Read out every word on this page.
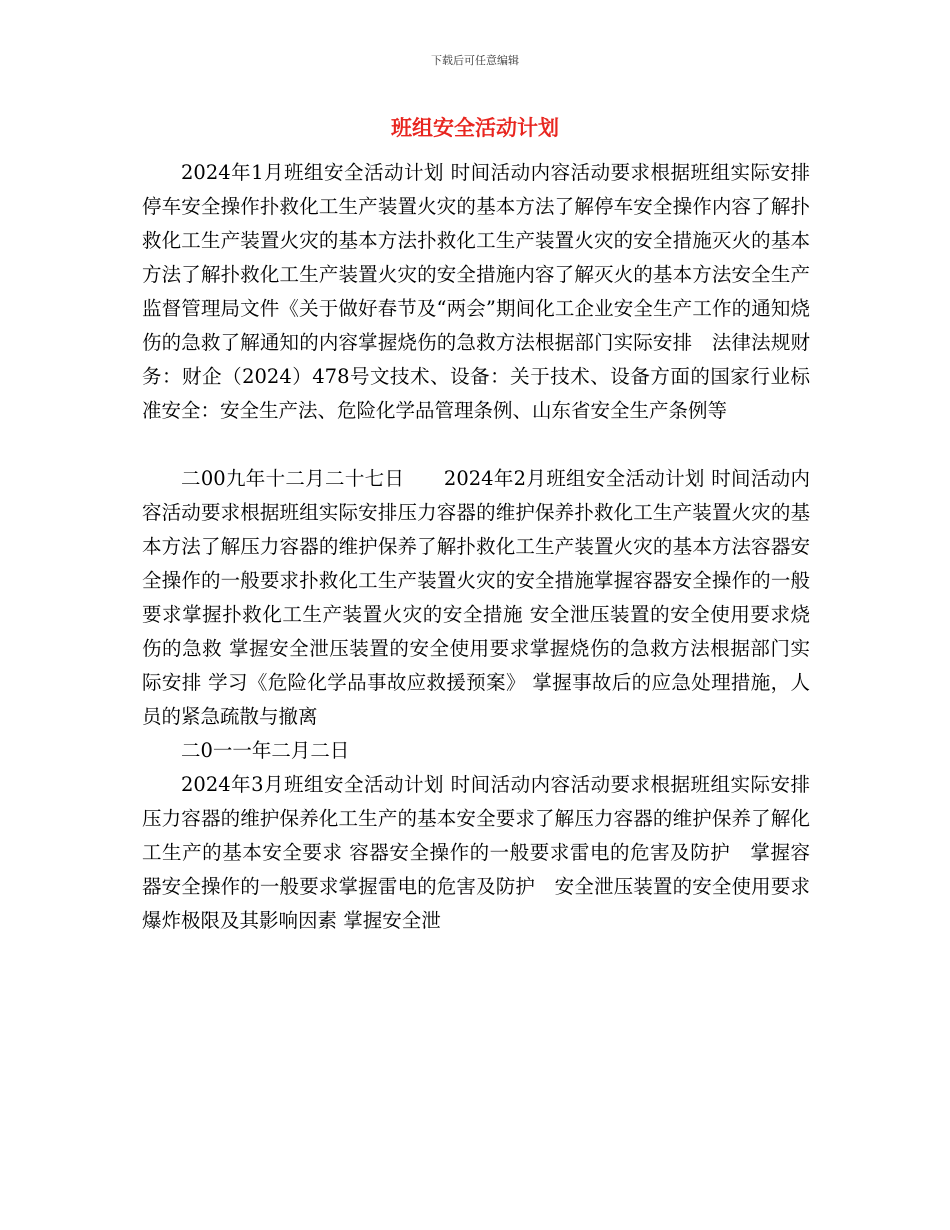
下载后可任意编辑
班组安全活动计划

2024年1月班组安全活动计划 时间活动内容活动要求根据班组实际安排停车安全操作扑救化工生产装置火灾的基本方法了解停车安全操作内容了解扑救化工生产装置火灾的基本方法扑救化工生产装置火灾的安全措施灭火的基本方法了解扑救化工生产装置火灾的安全措施内容了解灭火的基本方法安全生产监督管理局文件《关于做好春节及“两会”期间化工企业安全生产工作的通知烧伤的急救了解通知的内容掌握烧伤的急救方法根据部门实际安排　法律法规财务：财企（2024）478号文技术、设备：关于技术、设备方面的国家行业标准安全：安全生产法、危险化学品管理条例、山东省安全生产条例等

二00九年十二月二十七日　　2024年2月班组安全活动计划 时间活动内容活动要求根据班组实际安排压力容器的维护保养扑救化工生产装置火灾的基本方法了解压力容器的维护保养了解扑救化工生产装置火灾的基本方法容器安全操作的一般要求扑救化工生产装置火灾的安全措施掌握容器安全操作的一般要求掌握扑救化工生产装置火灾的安全措施 安全泄压装置的安全使用要求烧伤的急救 掌握安全泄压装置的安全使用要求掌握烧伤的急救方法根据部门实际安排 学习《危险化学品事故应救援预案》 掌握事故后的应急处理措施，人员的紧急疏散与撤离

二0一一年二月二日

2024年3月班组安全活动计划 时间活动内容活动要求根据班组实际安排　　压力容器的维护保养化工生产的基本安全要求了解压力容器的维护保养了解化工生产的基本安全要求 容器安全操作的一般要求雷电的危害及防护　掌握容器安全操作的一般要求掌握雷电的危害及防护　安全泄压装置的安全使用要求爆炸极限及其影响因素 掌握安全泄
